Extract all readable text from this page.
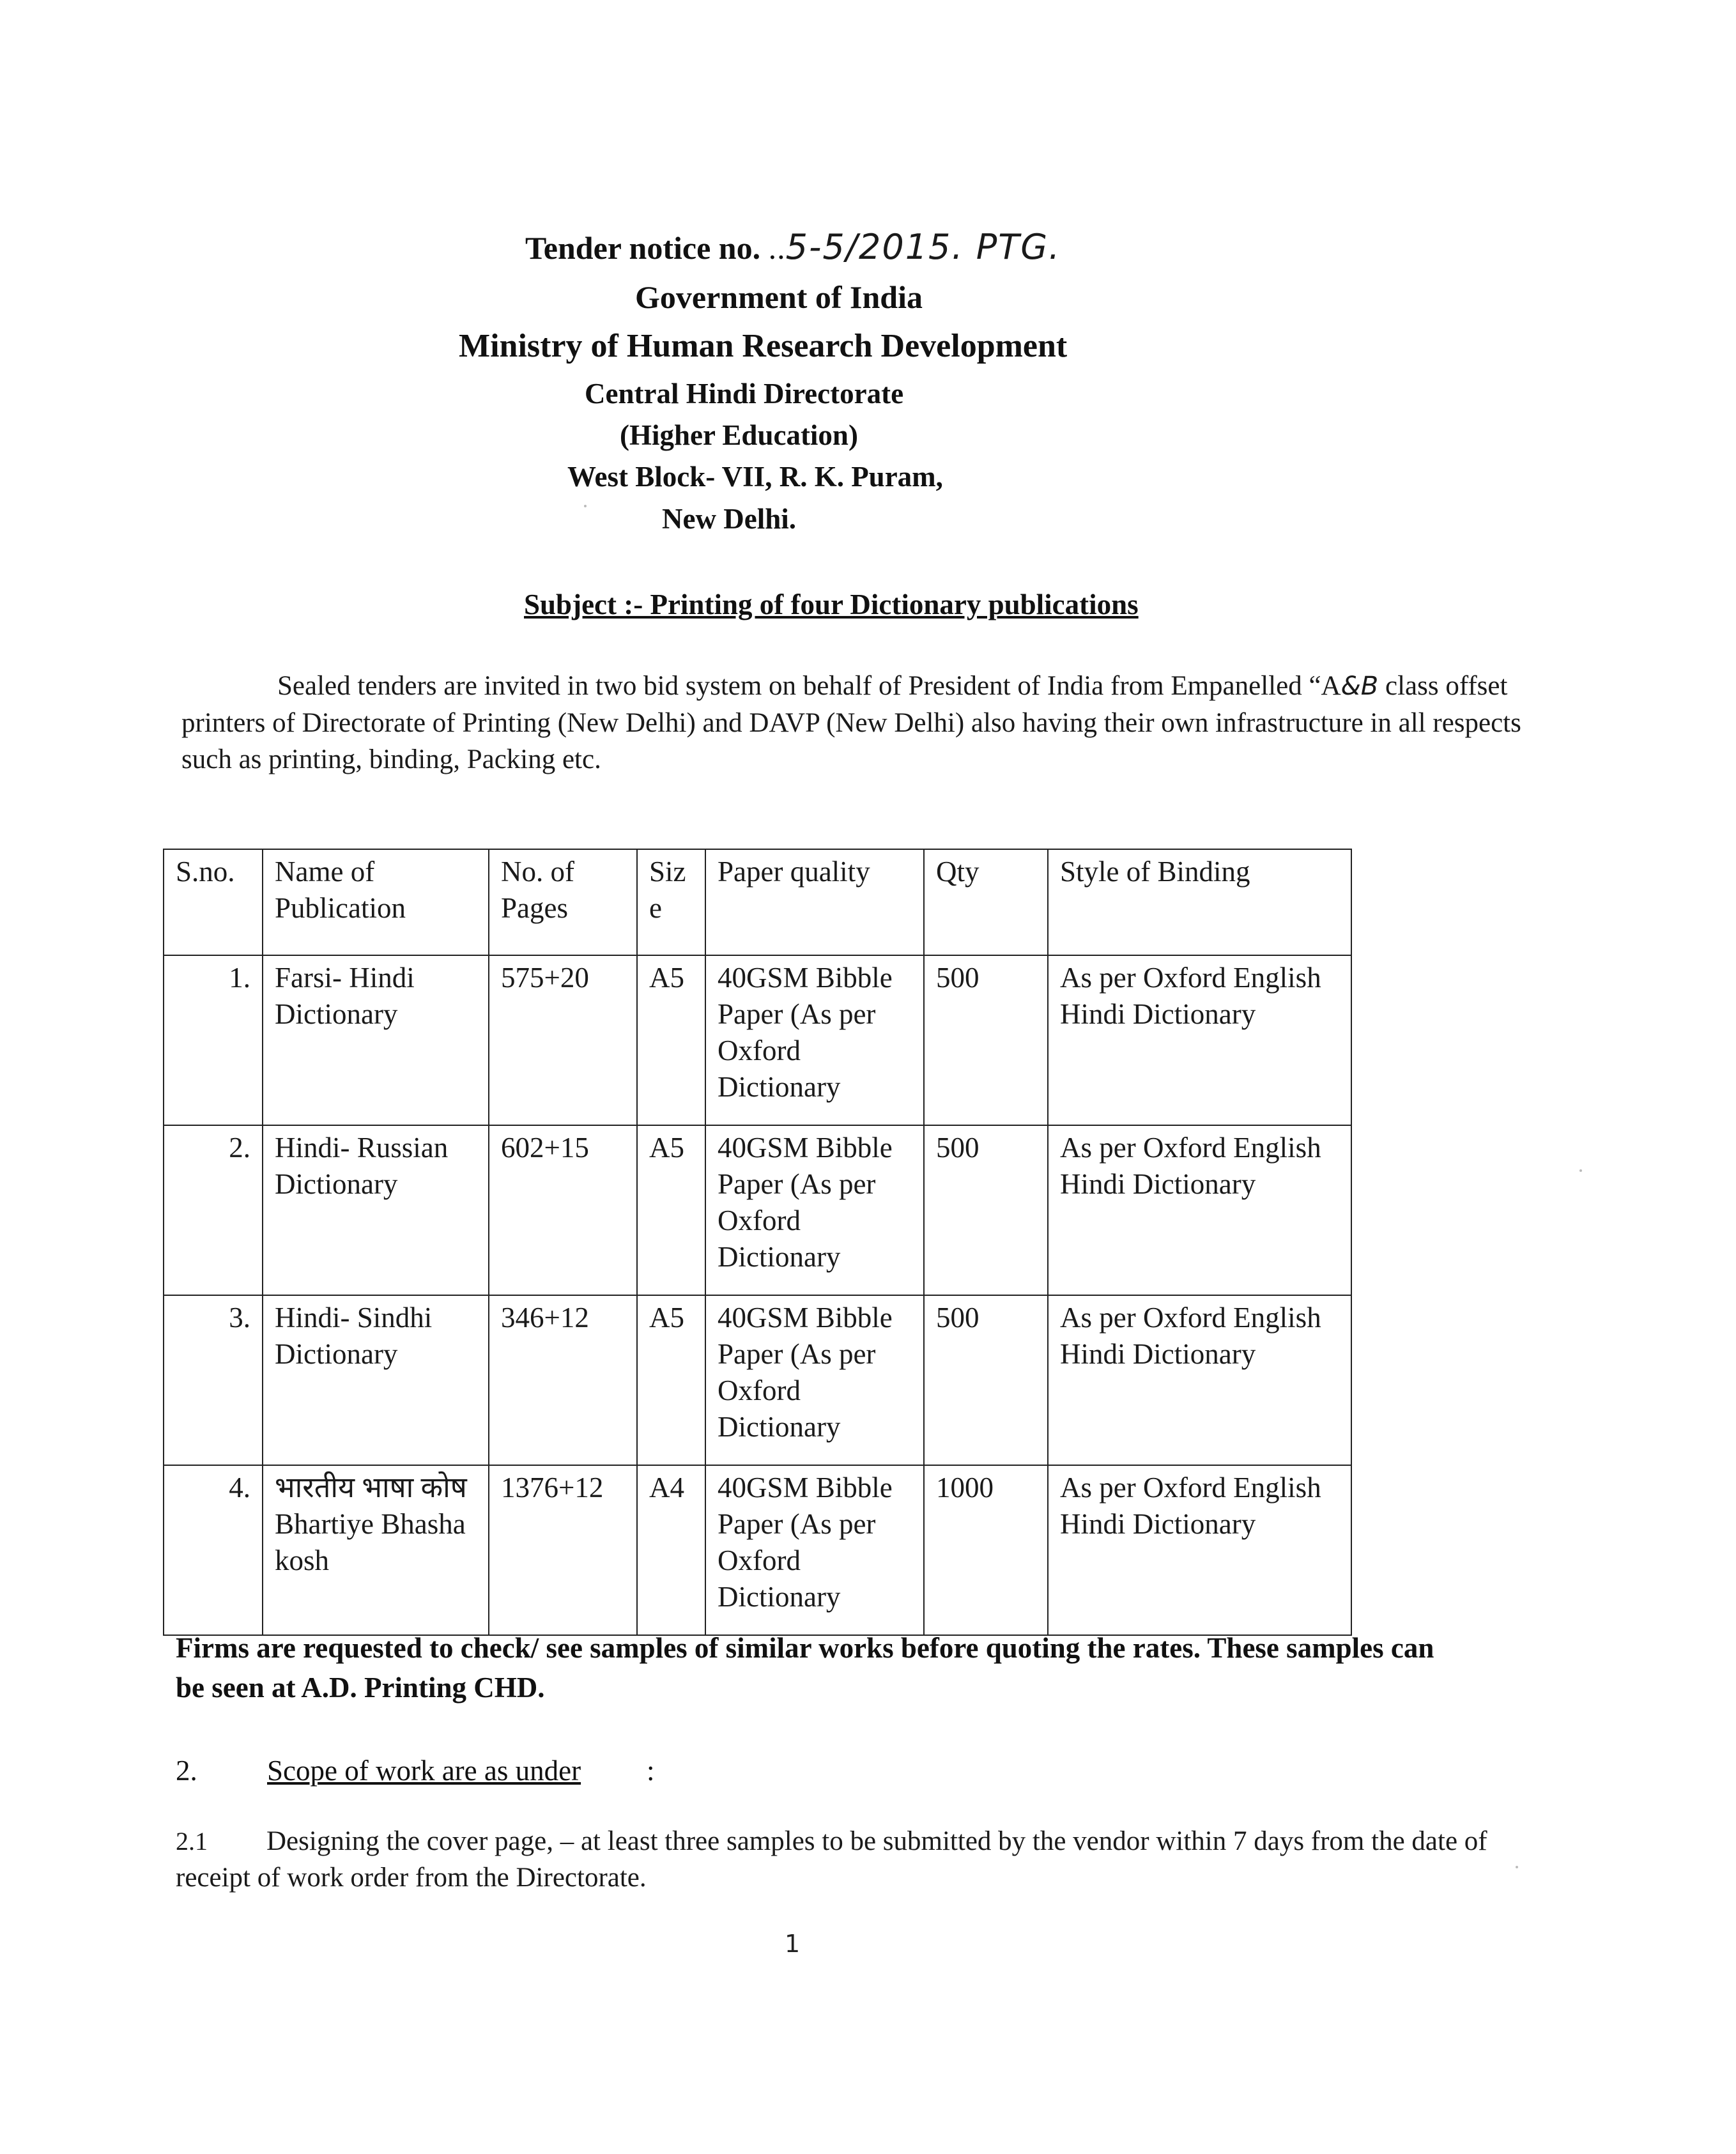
Tender notice no. ..5-5/2015. PTG.
Government of India
Ministry of Human Research Development
Central Hindi Directorate
(Higher Education)
West Block- VII, R. K. Puram,
New Delhi.
Subject :- Printing of four Dictionary publications
Sealed tenders are invited in two bid system on behalf of President of India from Empanelled “A&B class offset printers of Directorate of Printing (New Delhi) and DAVP (New Delhi) also having their own infrastructure in all respects such as printing, binding, Packing etc.
S.no.	Name of Publication	No. of Pages	Siz e	Paper quality	Qty	Style of Binding
1.	Farsi- Hindi Dictionary	575+20	A5	40GSM Bibble Paper (As per Oxford Dictionary	500	As per Oxford English Hindi Dictionary
2.	Hindi- Russian Dictionary	602+15	A5	40GSM Bibble Paper (As per Oxford Dictionary	500	As per Oxford English Hindi Dictionary
3.	Hindi- Sindhi Dictionary	346+12	A5	40GSM Bibble Paper (As per Oxford Dictionary	500	As per Oxford English Hindi Dictionary
4.	भारतीय भाषा कोष Bhartiye Bhasha kosh	1376+12	A4	40GSM Bibble Paper (As per Oxford Dictionary	1000	As per Oxford English Hindi Dictionary
Firms are requested to check/ see samples of similar works before quoting the rates. These samples can be seen at A.D. Printing CHD.
2. Scope of work are as under :
2.1 Designing the cover page, – at least three samples to be submitted by the vendor within 7 days from the date of receipt of work order from the Directorate.
1
